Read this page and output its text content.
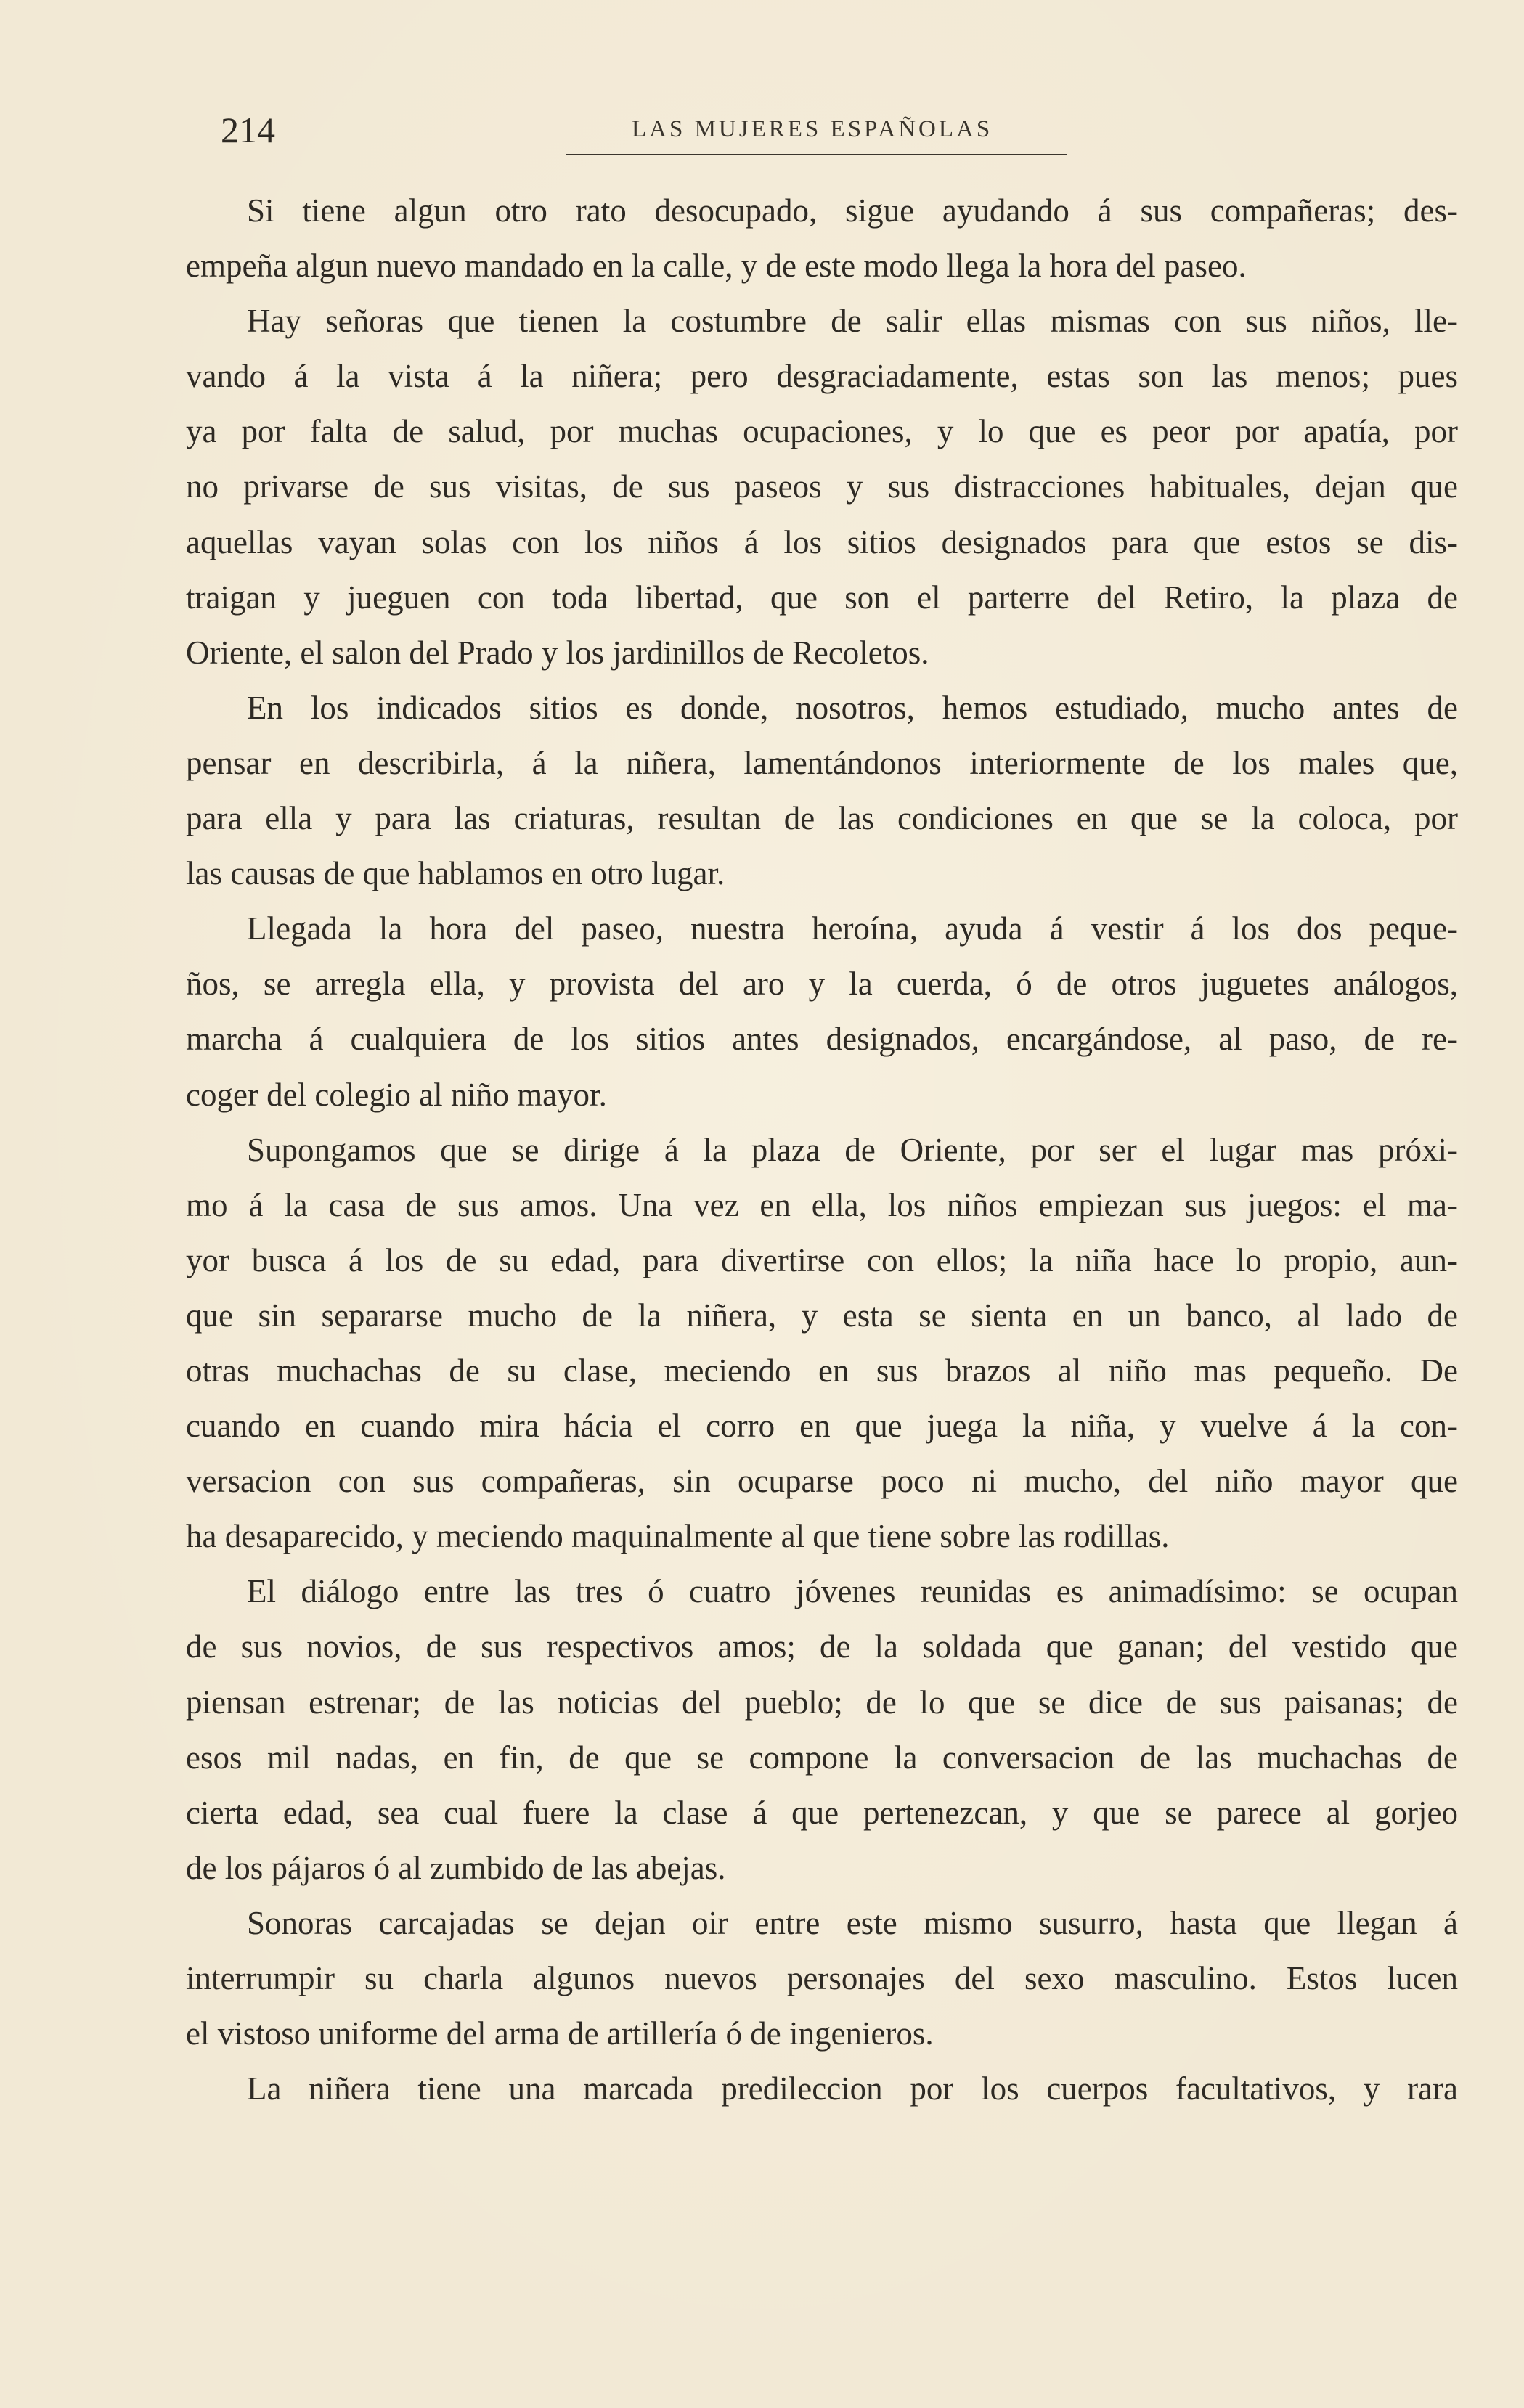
214	LAS MUJERES ESPAÑOLAS
Si tiene algun otro rato desocupado, sigue ayudando á sus compañeras; des-
empeña algun nuevo mandado en la calle, y de este modo llega la hora del paseo.
Hay señoras que tienen la costumbre de salir ellas mismas con sus niños, lle-
vando á la vista á la niñera; pero desgraciadamente, estas son las menos; pues
ya por falta de salud, por muchas ocupaciones, y lo que es peor por apatía, por
no privarse de sus visitas, de sus paseos y sus distracciones habituales, dejan que
aquellas vayan solas con los niños á los sitios designados para que estos se dis-
traigan y jueguen con toda libertad, que son el parterre del Retiro, la plaza de
Oriente, el salon del Prado y los jardinillos de Recoletos.
En los indicados sitios es donde, nosotros, hemos estudiado, mucho antes de
pensar en describirla, á la niñera, lamentándonos interiormente de los males que,
para ella y para las criaturas, resultan de las condiciones en que se la coloca, por
las causas de que hablamos en otro lugar.
Llegada la hora del paseo, nuestra heroína, ayuda á vestir á los dos peque-
ños, se arregla ella, y provista del aro y la cuerda, ó de otros juguetes análogos,
marcha á cualquiera de los sitios antes designados, encargándose, al paso, de re-
coger del colegio al niño mayor.
Supongamos que se dirige á la plaza de Oriente, por ser el lugar mas próxi-
mo á la casa de sus amos. Una vez en ella, los niños empiezan sus juegos: el ma-
yor busca á los de su edad, para divertirse con ellos; la niña hace lo propio, aun-
que sin separarse mucho de la niñera, y esta se sienta en un banco, al lado de
otras muchachas de su clase, meciendo en sus brazos al niño mas pequeño. De
cuando en cuando mira hácia el corro en que juega la niña, y vuelve á la con-
versacion con sus compañeras, sin ocuparse poco ni mucho, del niño mayor que
ha desaparecido, y meciendo maquinalmente al que tiene sobre las rodillas.
El diálogo entre las tres ó cuatro jóvenes reunidas es animadísimo: se ocupan
de sus novios, de sus respectivos amos; de la soldada que ganan; del vestido que
piensan estrenar; de las noticias del pueblo; de lo que se dice de sus paisanas; de
esos mil nadas, en fin, de que se compone la conversacion de las muchachas de
cierta edad, sea cual fuere la clase á que pertenezcan, y que se parece al gorjeo
de los pájaros ó al zumbido de las abejas.
Sonoras carcajadas se dejan oir entre este mismo susurro, hasta que llegan á
interrumpir su charla algunos nuevos personajes del sexo masculino. Estos lucen
el vistoso uniforme del arma de artillería ó de ingenieros.
La niñera tiene una marcada predileccion por los cuerpos facultativos, y rara
